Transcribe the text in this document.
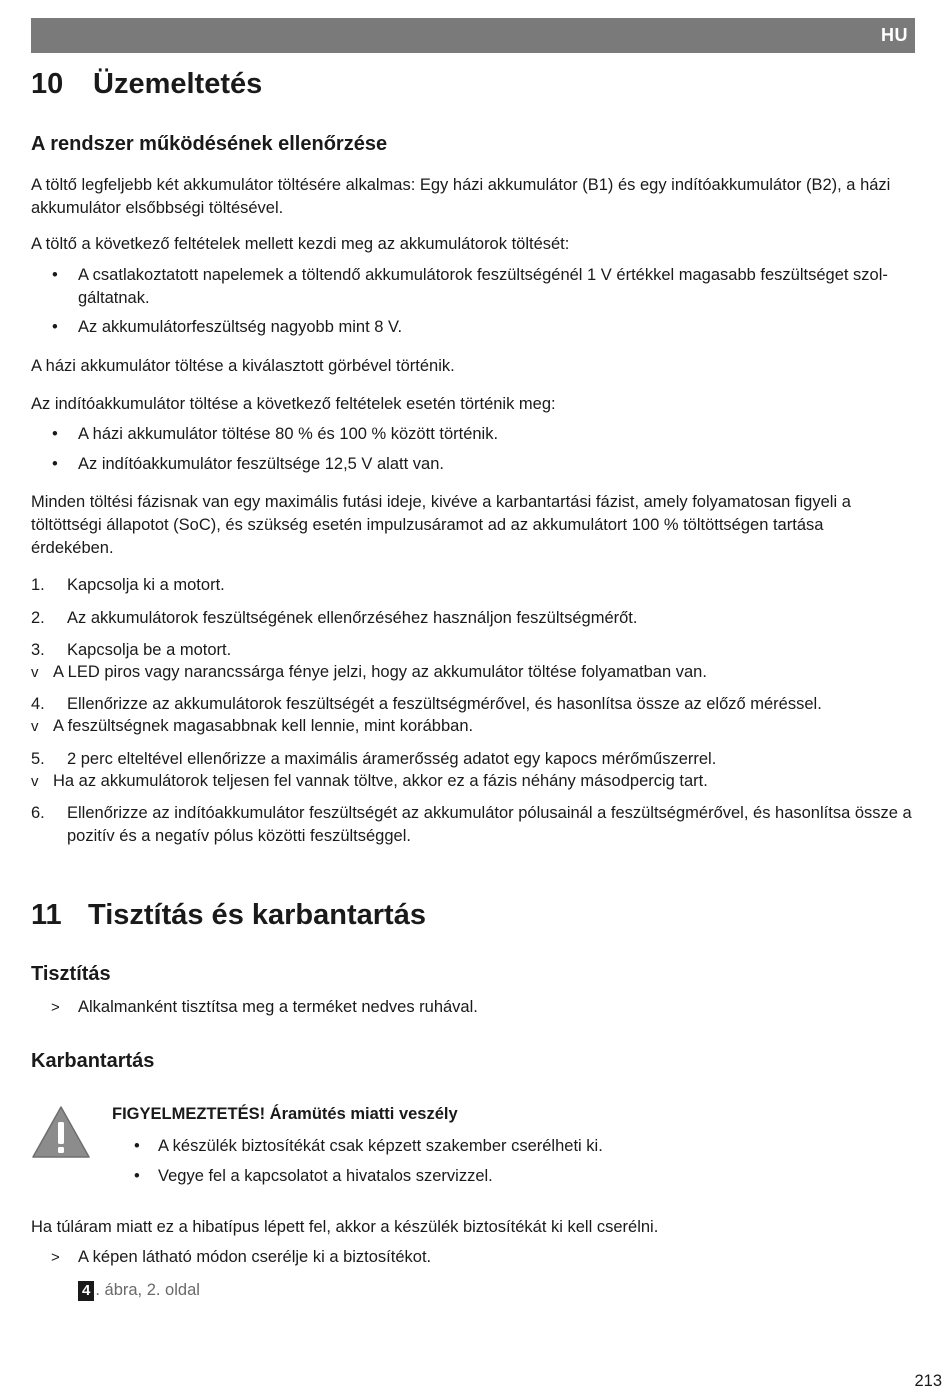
HU
10 Üzemeltetés
A rendszer működésének ellenőrzése
A töltő legfeljebb két akkumulátor töltésére alkalmas: Egy házi akkumulátor (B1) és egy indítóakkumulátor (B2), a házi akkumulátor elsőbbségi töltésével.
A töltő a következő feltételek mellett kezdi meg az akkumulátorok töltését:
• A csatlakoztatott napelemek a töltendő akkumulátorok feszültségénél 1 V értékkel magasabb feszültséget szolgáltatnak.
• Az akkumulátorfeszültség nagyobb mint 8 V.
A házi akkumulátor töltése a kiválasztott görbével történik.
Az indítóakkumulátor töltése a következő feltételek esetén történik meg:
• A házi akkumulátor töltése 80 % és 100 % között történik.
• Az indítóakkumulátor feszültsége 12,5 V alatt van.
Minden töltési fázisnak van egy maximális futási ideje, kivéve a karbantartási fázist, amely folyamatosan figyeli a töltöttségi állapotot (SoC), és szükség esetén impulzusáramot ad az akkumulátort 100 % töltöttségen tartása érdekében.
1. Kapcsolja ki a motort.
2. Az akkumulátorok feszültségének ellenőrzéséhez használjon feszültségmérőt.
3. Kapcsolja be a motort.
v A LED piros vagy narancssárga fénye jelzi, hogy az akkumulátor töltése folyamatban van.
4. Ellenőrizze az akkumulátorok feszültségét a feszültségmérővel, és hasonlítsa össze az előző méréssel.
v A feszültségnek magasabbnak kell lennie, mint korábban.
5. 2 perc elteltével ellenőrizze a maximális áramerősség adatot egy kapocs mérőműszerrel.
v Ha az akkumulátorok teljesen fel vannak töltve, akkor ez a fázis néhány másodpercig tart.
6. Ellenőrizze az indítóakkumulátor feszültségét az akkumulátor pólusainál a feszültségmérővel, és hasonlítsa össze a pozitív és a negatív pólus közötti feszültséggel.
11 Tisztítás és karbantartás
Tisztítás
> Alkalmanként tisztítsa meg a terméket nedves ruhával.
Karbantartás
FIGYELMEZTETÉS! Áramütés miatti veszély
• A készülék biztosítékát csak képzett szakember cserélheti ki.
• Vegye fel a kapcsolatot a hivatalos szervizzel.
Ha túláram miatt ez a hibatípus lépett fel, akkor a készülék biztosítékát ki kell cserélni.
> A képen látható módon cserélje ki a biztosítékot.
4 . ábra, 2. oldal
213
